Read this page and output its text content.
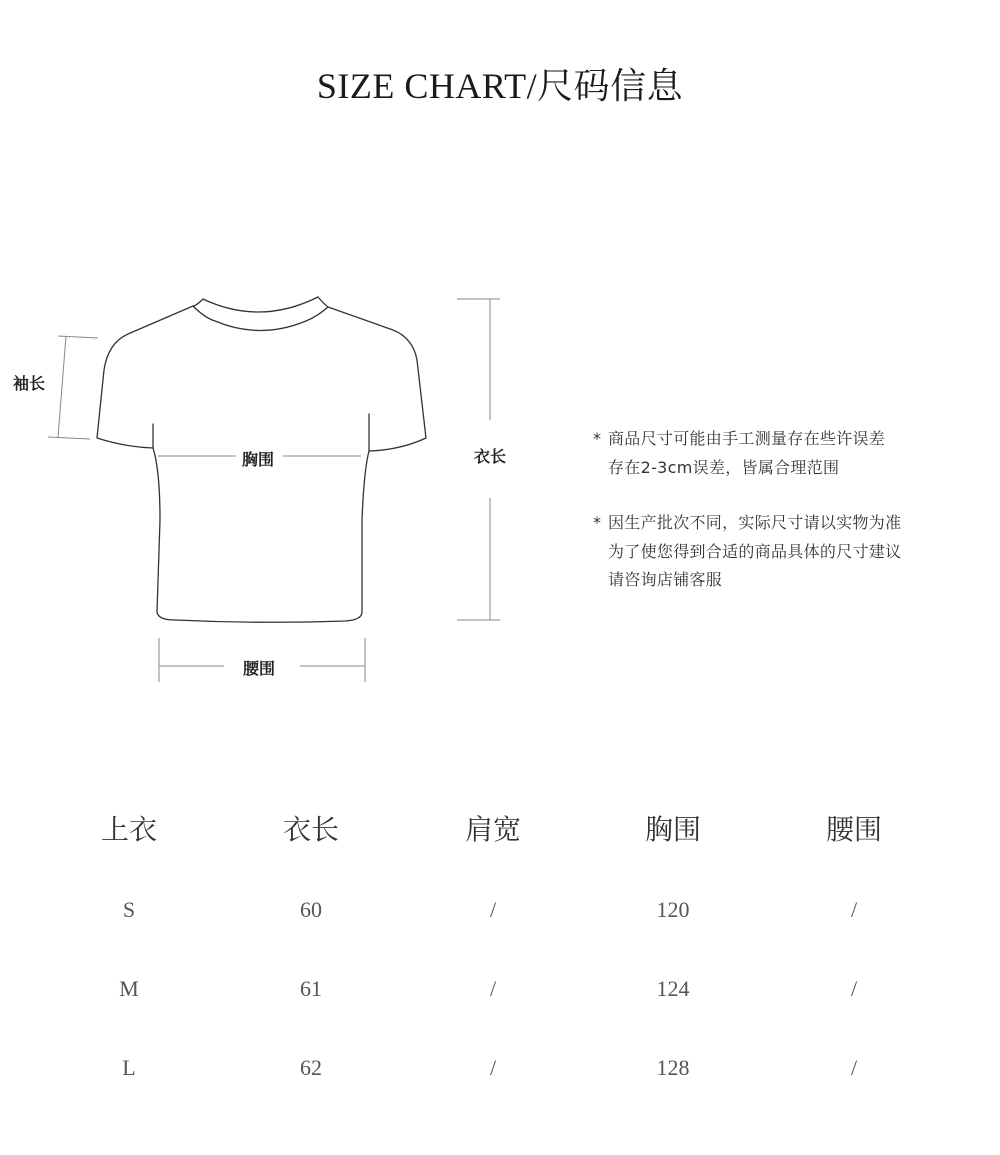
SIZE CHART/尺码信息
袖长
胸围	衣长
腰围
* 商品尺寸可能由手工测量存在些许误差
存在2-3cm误差，皆属合理范围
* 因生产批次不同，实际尺寸请以实物为准
为了使您得到合适的商品具体的尺寸建议
请咨询店铺客服
上衣	衣长	肩宽	胸围	腰围
S	60	/	120	/
M	61	/	124	/
L	62	/	128	/
